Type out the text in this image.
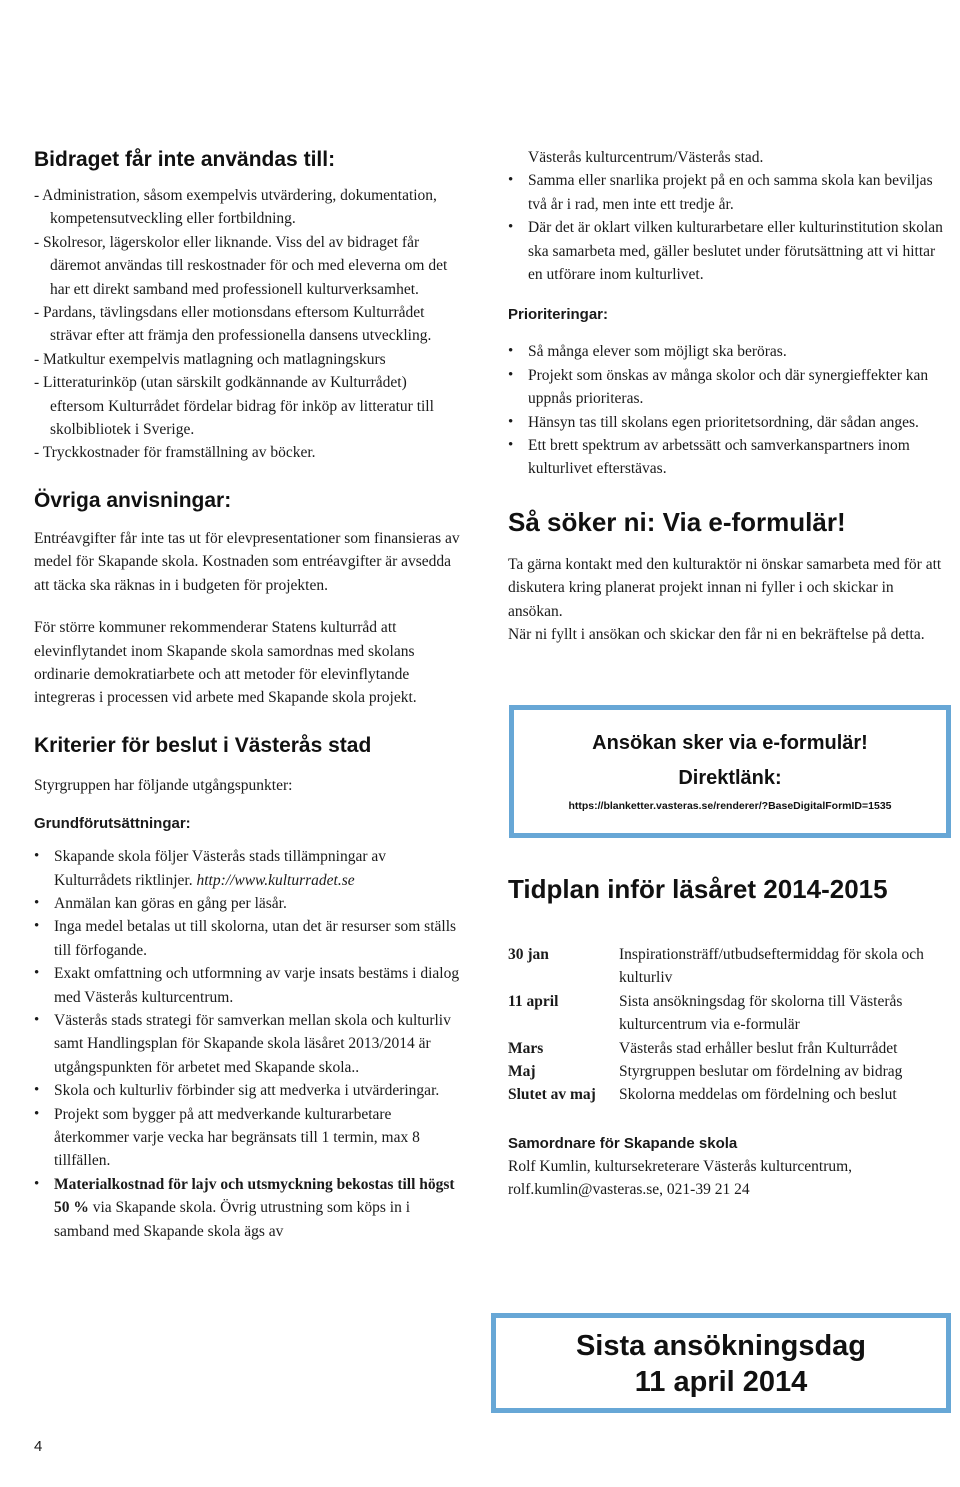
Bidraget får inte användas till:

- Administration, såsom exempelvis utvärdering, dokumentation, kompetensutveckling eller fortbildning.

- Skolresor, lägerskolor eller liknande. Viss del av bidraget får däremot användas till reskostnader för och med eleverna om det har ett direkt samband med professionell kulturverksamhet.

- Pardans, tävlingsdans eller motionsdans eftersom Kulturrådet strävar efter att främja den professionella dansens utveckling.

- Matkultur exempelvis matlagning och matlagningskurs

- Litteraturinköp (utan särskilt godkännande av Kulturrådet) eftersom Kulturrådet fördelar bidrag för inköp av litteratur till skolbibliotek i Sverige.

- Tryckkostnader för framställning av böcker.

Övriga anvisningar:

Entréavgifter får inte tas ut för elevpresentationer som finansieras av medel för Skapande skola. Kostnaden som entréavgifter är avsedda att täcka ska räknas in i budgeten för projekten.

För större kommuner rekommenderar Statens kulturråd att elevinflytandet inom Skapande skola samordnas med skolans ordinarie demokratiarbete och att metoder för elevinflytande integreras i processen vid arbete med Skapande skola projekt.

Kriterier för beslut i Västerås stad

Styrgruppen har följande utgångspunkter:

Grundförutsättningar:
• Skapande skola följer Västerås stads tillämpningar av Kulturrådets riktlinjer. http://www.kulturradet.se
• Anmälan kan göras en gång per läsår.
• Inga medel betalas ut till skolorna, utan det är resurser som ställs till förfogande.
• Exakt omfattning och utformning av varje insats bestäms i dialog med Västerås kulturcentrum.
• Västerås stads strategi för samverkan mellan skola och kulturliv samt Handlingsplan för Skapande skola läsåret 2013/2014 är utgångspunkten för arbetet med Skapande skola..
• Skola och kulturliv förbinder sig att medverka i utvärderingar.
• Projekt som bygger på att medverkande kulturarbetare återkommer varje vecka har begränsats till 1 termin, max 8 tillfällen.
• Materialkostnad för lajv och utsmyckning bekostas till högst 50 % via Skapande skola. Övrig utrustning som köps in i samband med Skapande skola ägs av

Västerås kulturcentrum/Västerås stad.

• Samma eller snarlika projekt på en och samma skola kan beviljas två år i rad, men inte ett tredje år.
• Där det är oklart vilken kulturarbetare eller kulturinstitution skolan ska samarbeta med, gäller beslutet under förutsättning att vi hittar en utförare inom kulturlivet.
Prioriteringar:
• Så många elever som möjligt ska beröras.
• Projekt som önskas av många skolor och där synergieffekter kan uppnås prioriteras.
• Hänsyn tas till skolans egen prioritetsordning, där sådan anges.
• Ett brett spektrum av arbetssätt och samverkanspartners inom kulturlivet efterstävas.
Så söker ni: Via e-formulär!

Ta gärna kontakt med den kulturaktör ni önskar samarbeta med för att diskutera kring planerat projekt innan ni fyller i och skickar in ansökan.

När ni fyllt i ansökan och skickar den får ni en bekräftelse på detta.

Ansökan sker via e-formulär!
Direktlänk:
https://blanketter.vasteras.se/renderer/?BaseDigitalFormID=1535
Tidplan inför läsåret 2014-2015
30 jan	Inspirationsträff/utbudseftermiddag för skola och kulturliv
11 april	Sista ansökningsdag för skolorna till Västerås kulturcentrum via e-formulär
Mars	Västerås stad erhåller beslut från Kulturrådet
Maj	Styrgruppen beslutar om fördelning av bidrag
Slutet av maj	Skolorna meddelas om fördelning och beslut
Samordnare för Skapande skola

Rolf Kumlin, kultursekreterare Västerås kulturcentrum,

rolf.kumlin@vasteras.se, 021-39 21 24

Sista ansökningsdag
11 april 2014
4
